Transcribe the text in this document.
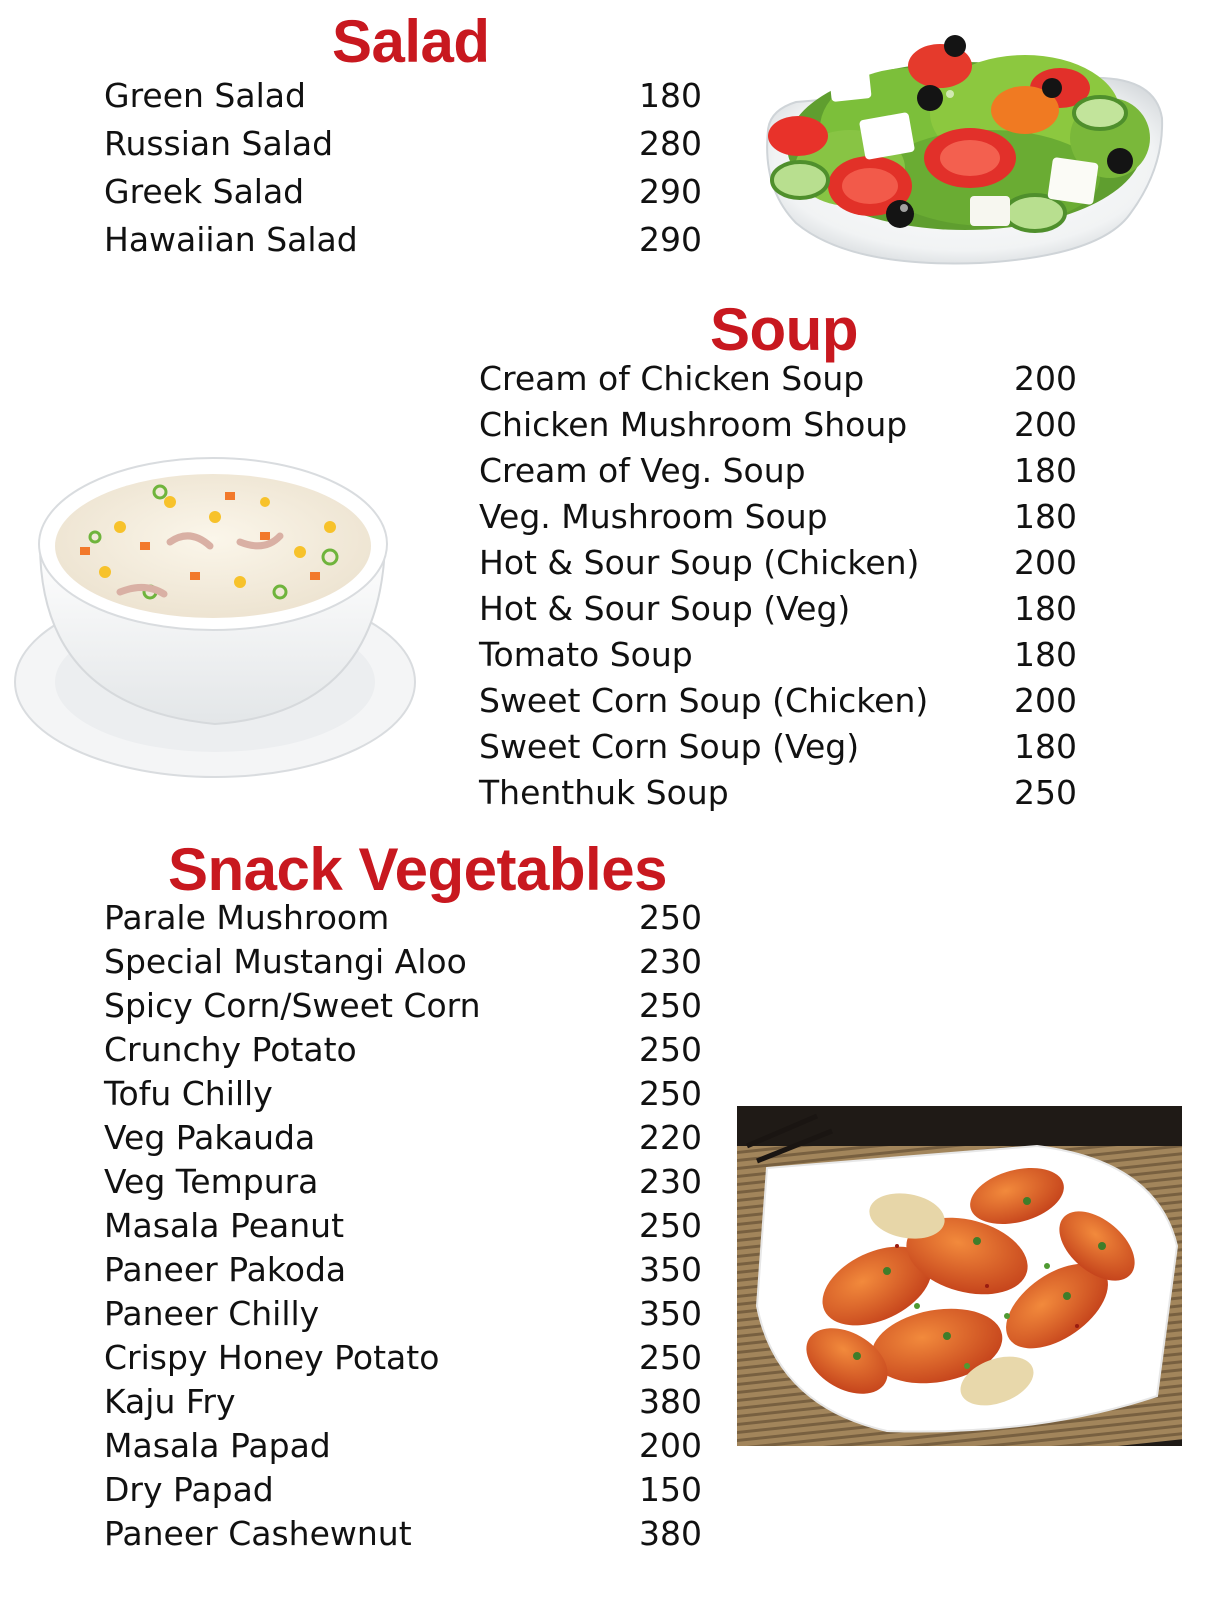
Salad
Green Salad	180
Russian Salad	280
Greek Salad	290
Hawaiian Salad	290
Soup
Cream of Chicken Soup	200
Chicken Mushroom Shoup	200
Cream of Veg. Soup	180
Veg. Mushroom Soup	180
Hot & Sour Soup (Chicken)	200
Hot & Sour Soup (Veg)	180
Tomato Soup	180
Sweet Corn Soup (Chicken)	200
Sweet Corn Soup (Veg)	180
Thenthuk Soup	250
Snack Vegetables
Parale Mushroom	250
Special Mustangi Aloo	230
Spicy Corn/Sweet Corn	250
Crunchy Potato	250
Tofu Chilly	250
Veg Pakauda	220
Veg Tempura	230
Masala Peanut	250
Paneer Pakoda	350
Paneer Chilly	350
Crispy Honey Potato	250
Kaju Fry	380
Masala Papad	200
Dry Papad	150
Paneer Cashewnut	380
